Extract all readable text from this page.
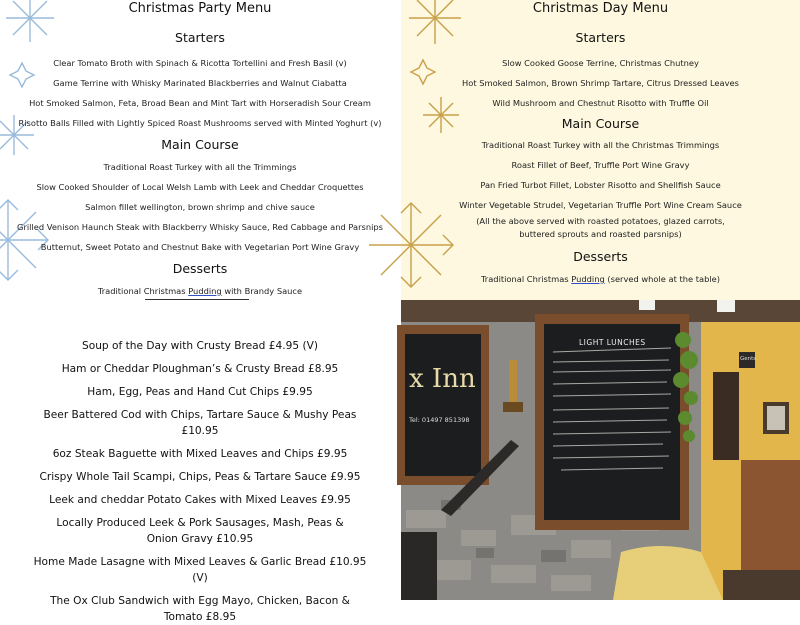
Christmas Party Menu
Starters
Clear Tomato Broth with Spinach & Ricotta Tortellini and Fresh Basil (v)
Game Terrine with Whisky Marinated Blackberries and Walnut Ciabatta
Hot Smoked Salmon, Feta, Broad Bean and Mint Tart with Horseradish Sour Cream
Risotto Balls Filled with Lightly Spiced Roast Mushrooms served with Minted Yoghurt (v)
Main Course
Traditional Roast Turkey with all the Trimmings
Slow Cooked Shoulder of Local Welsh Lamb with Leek and Cheddar Croquettes
Salmon fillet wellington, brown shrimp and chive sauce
Grilled Venison Haunch Steak with Blackberry Whisky Sauce, Red Cabbage and Parsnips
Butternut, Sweet Potato and Chestnut Bake with Vegetarian Port Wine Gravy
Desserts
Traditional Christmas Pudding with Brandy Sauce
Christmas Day Menu
Starters
Slow Cooked Goose Terrine, Christmas Chutney
Hot Smoked Salmon, Brown Shrimp Tartare, Citrus Dressed Leaves
Wild Mushroom and Chestnut Risotto with Truffle Oil
Main Course
Traditional Roast Turkey with all the Christmas Trimmings
Roast Fillet of Beef, Truffle Port Wine Gravy
Pan Fried Turbot Fillet, Lobster Risotto and Shellfish Sauce
Winter Vegetable Strudel, Vegetarian Truffle Port Wine Cream Sauce
(All the above served with roasted potatoes, glazed carrots,
buttered sprouts and roasted parsnips)
Desserts
Traditional Christmas Pudding (served whole at the table)
Soup of the Day with Crusty Bread £4.95 (V)
Ham or Cheddar Ploughman’s & Crusty Bread £8.95
Ham, Egg, Peas and Hand Cut Chips £9.95
Beer Battered Cod with Chips, Tartare Sauce & Mushy Peas £10.95
6oz Steak Baguette with Mixed Leaves and Chips £9.95
Crispy Whole Tail Scampi, Chips, Peas & Tartare Sauce £9.95
Leek and cheddar Potato Cakes with Mixed Leaves £9.95
Locally Produced Leek & Pork Sausages, Mash, Peas & Onion Gravy £10.95
Home Made Lasagne with Mixed Leaves & Garlic Bread £10.95 (V)
The Ox Club Sandwich with Egg Mayo, Chicken, Bacon & Tomato £8.95
x Inn
Tel: 01497 851398
LIGHT LUNCHES
Gents
